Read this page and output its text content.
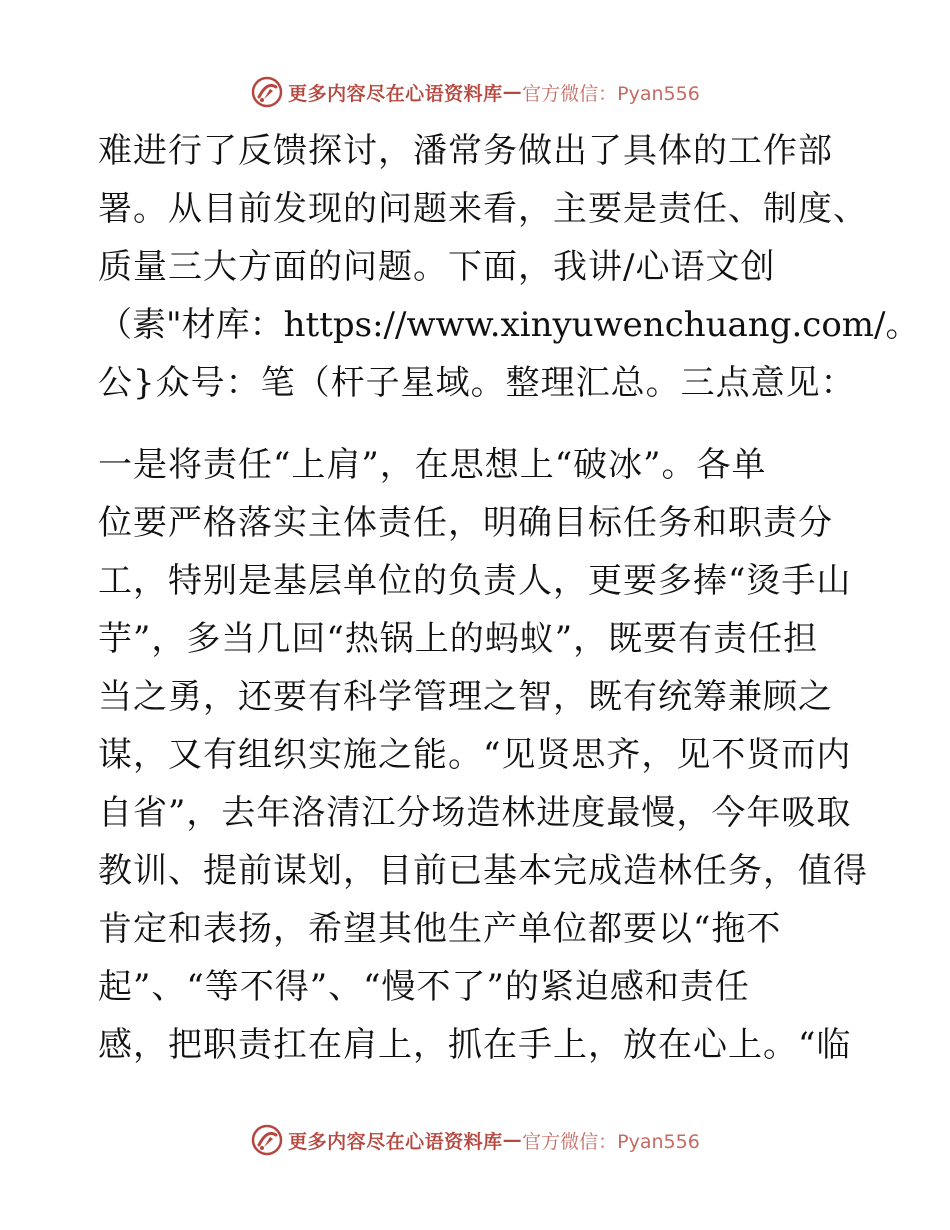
更多内容尽在心语资料库 — 官方微信：Pyan556
难进行了反馈探讨，潘常务做出了具体的工作部
署。从目前发现的问题来看，主要是责任、制度、
质量三大方面的问题。下面，我讲/心语文创
（素"材库：https://www.xinyuwenchuang.com/。
公}众号：笔（杆子星域。整理汇总。三点意见：
一是将责任“上肩”，在思想上“破冰”。各单
位要严格落实主体责任，明确目标任务和职责分
工，特别是基层单位的负责人，更要多捧“烫手山
芋”，多当几回“热锅上的蚂蚁”，既要有责任担
当之勇，还要有科学管理之智，既有统筹兼顾之
谋，又有组织实施之能。“见贤思齐，见不贤而内
自省”，去年洛清江分场造林进度最慢，今年吸取
教训、提前谋划，目前已基本完成造林任务，值得
肯定和表扬，希望其他生产单位都要以“拖不
起”、“等不得”、“慢不了”的紧迫感和责任
感，把职责扛在肩上，抓在手上，放在心上。“临
更多内容尽在心语资料库 — 官方微信：Pyan556
